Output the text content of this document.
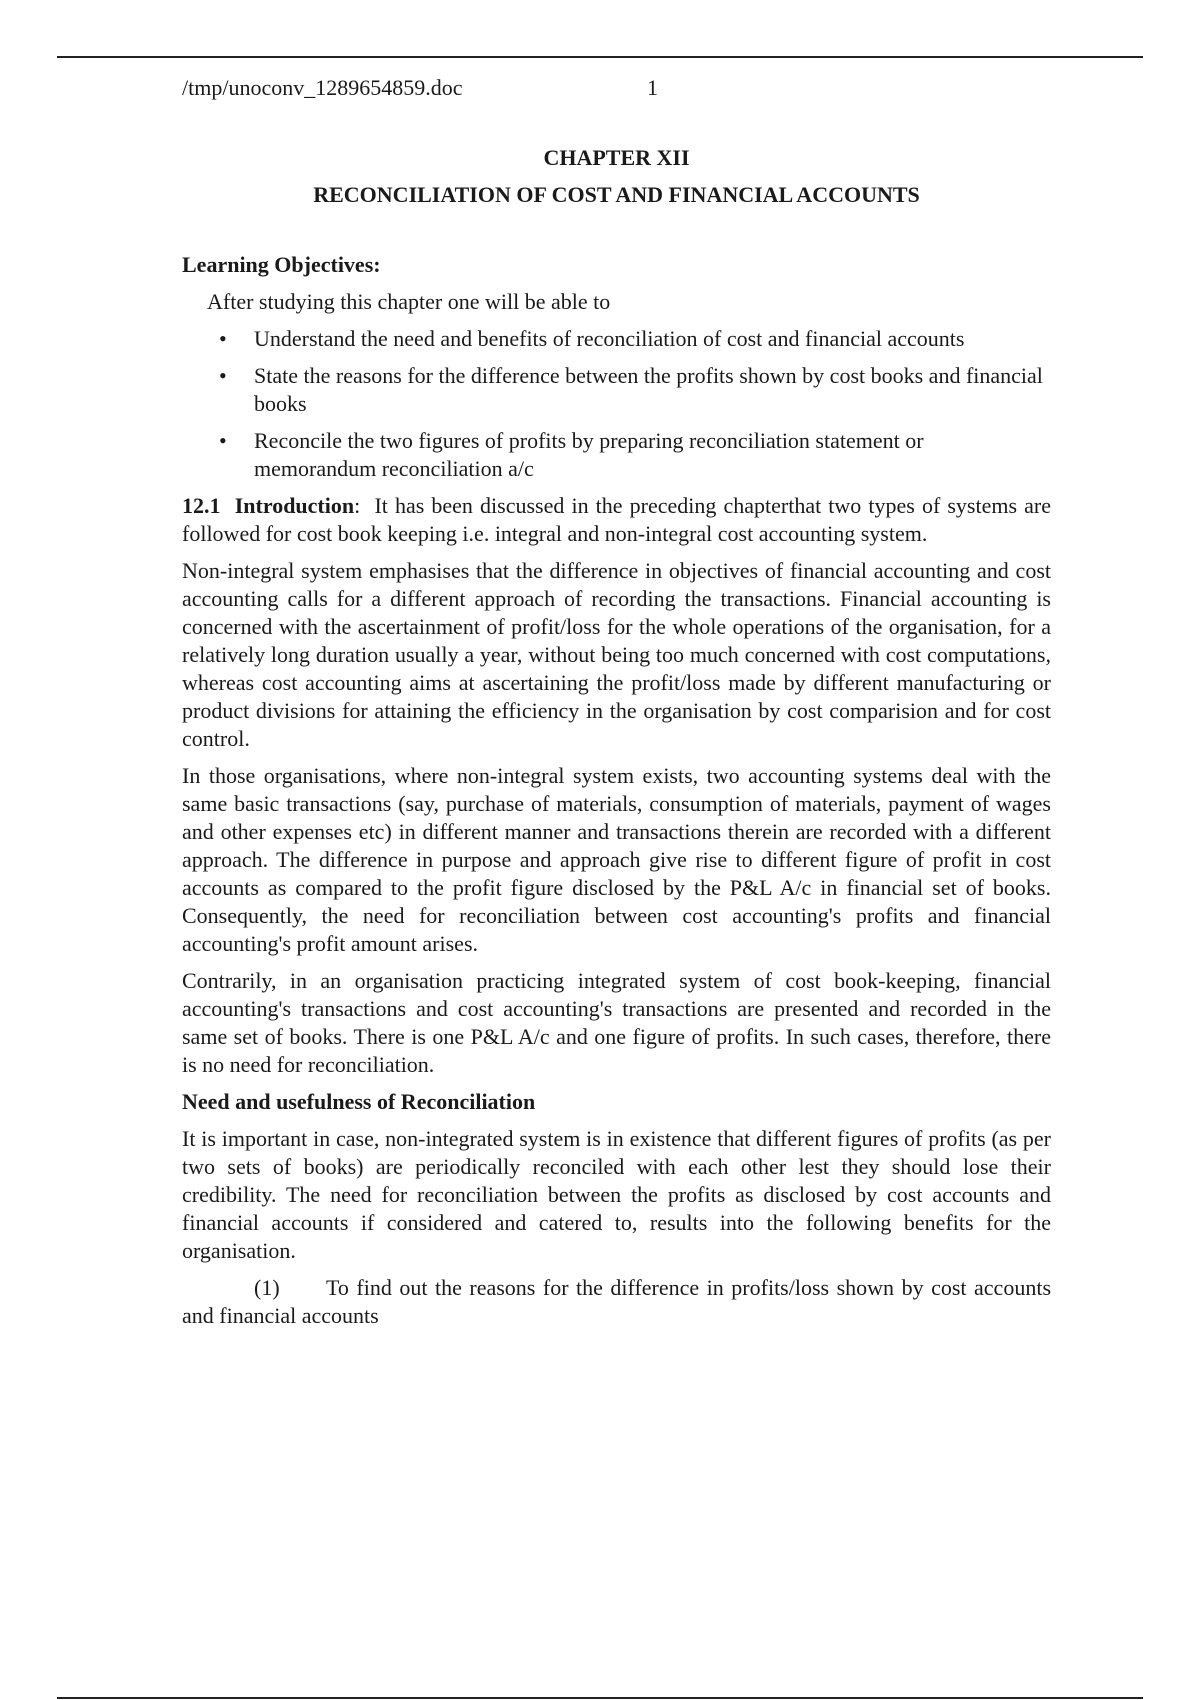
/tmp/unoconv_1289654859.doc	1

CHAPTER XII

RECONCILIATION OF COST AND FINANCIAL ACCOUNTS

Learning Objectives:

After studying this chapter one will be able to

• Understand the need and benefits of reconciliation of cost and financial accounts
• State the reasons for the difference between the profits shown by cost books and financial books
• Reconcile the two figures of profits by preparing reconciliation statement or memorandum reconciliation a/c

12.1 Introduction: It has been discussed in the preceding chapterthat two types of systems are followed for cost book keeping i.e. integral and non-integral cost accounting system.

Non-integral system emphasises that the difference in objectives of financial accounting and cost accounting calls for a different approach of recording the transactions. Financial accounting is concerned with the ascertainment of profit/loss for the whole operations of the organisation, for a relatively long duration usually a year, without being too much concerned with cost computations, whereas cost accounting aims at ascertaining the profit/loss made by different manufacturing or product divisions for attaining the efficiency in the organisation by cost comparision and for cost control.

In those organisations, where non-integral system exists, two accounting systems deal with the same basic transactions (say, purchase of materials, consumption of materials, payment of wages and other expenses etc) in different manner and transactions therein are recorded with a different approach. The difference in purpose and approach give rise to different figure of profit in cost accounts as compared to the profit figure disclosed by the P&L A/c in financial set of books. Consequently, the need for reconciliation between cost accounting's profits and financial accounting's profit amount arises.

Contrarily, in an organisation practicing integrated system of cost book-keeping, financial accounting's transactions and cost accounting's transactions are presented and recorded in the same set of books. There is one P&L A/c and one figure of profits. In such cases, therefore, there is no need for reconciliation.

Need and usefulness of Reconciliation

It is important in case, non-integrated system is in existence that different figures of profits (as per two sets of books) are periodically reconciled with each other lest they should lose their credibility. The need for reconciliation between the profits as disclosed by cost accounts and financial accounts if considered and catered to, results into the following benefits for the organisation.

(1) To find out the reasons for the difference in profits/loss shown by cost accounts and financial accounts
